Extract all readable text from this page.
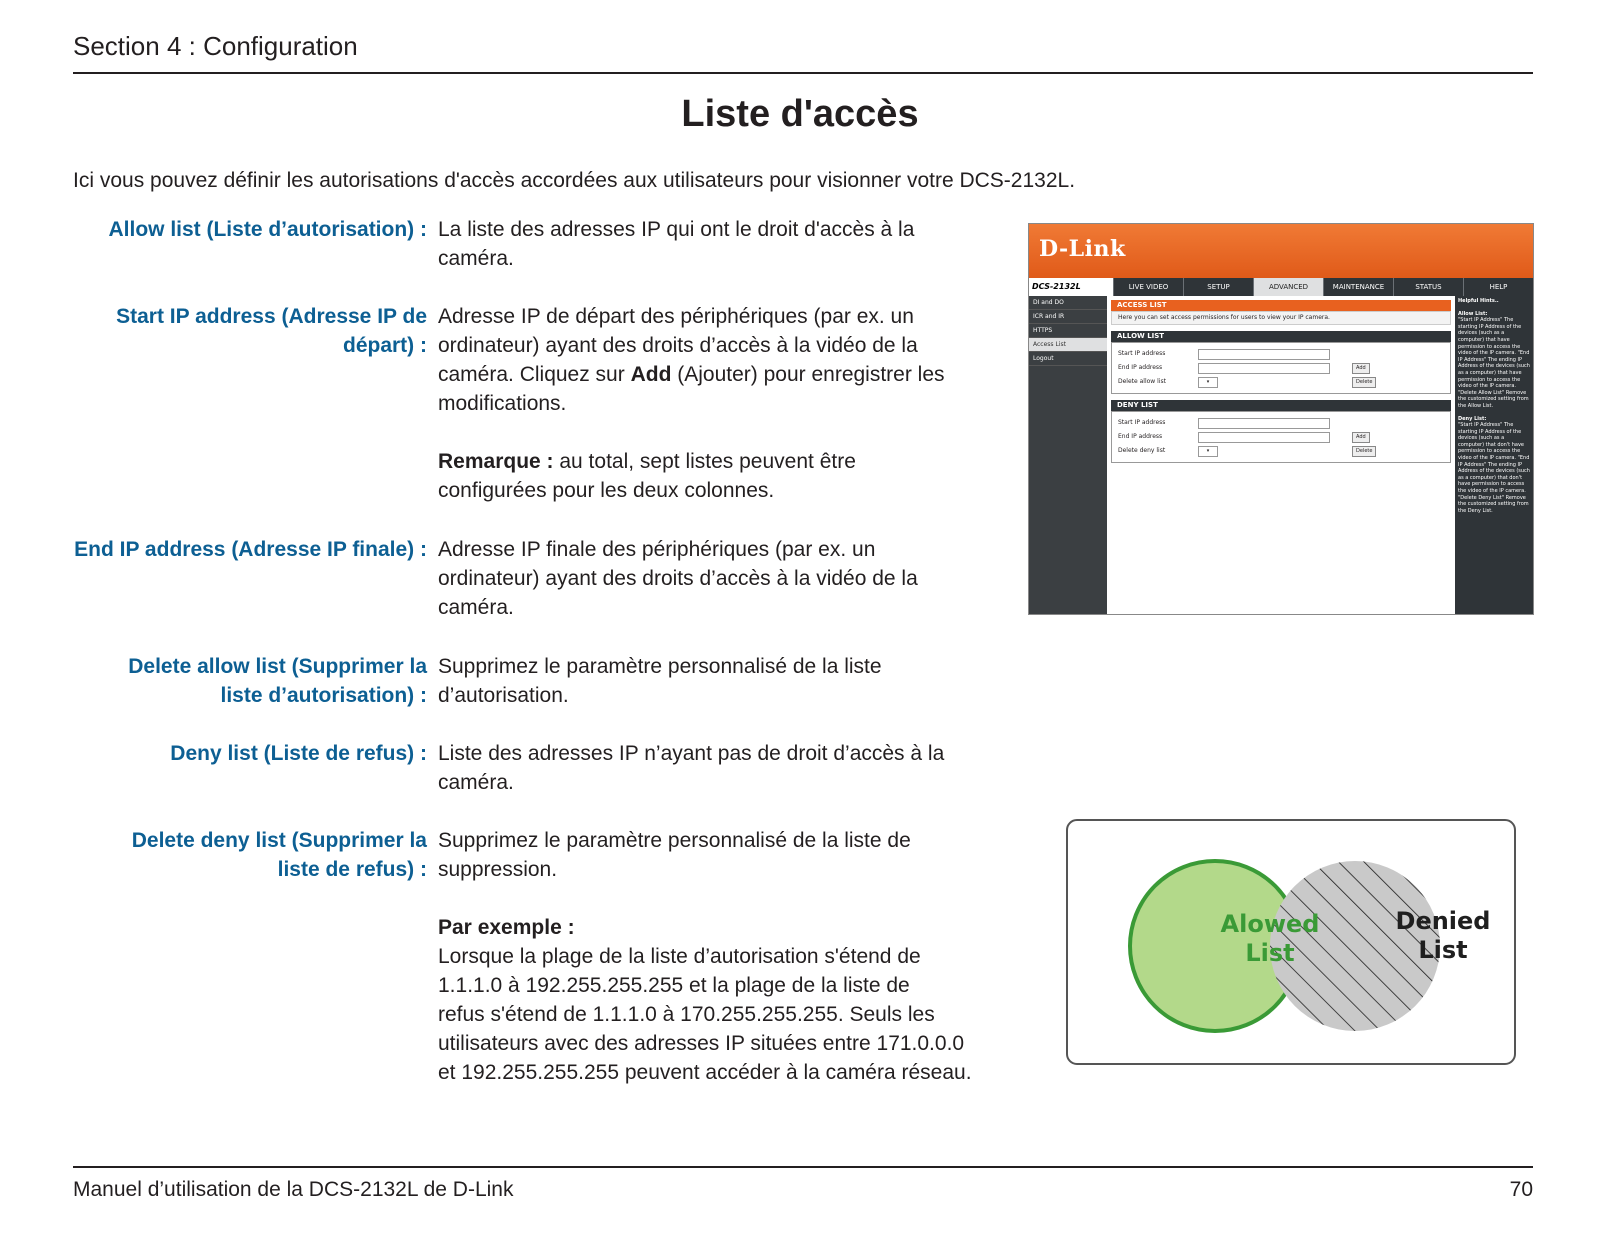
Section 4 : Configuration
Liste d'accès
Ici vous pouvez définir les autorisations d'accès accordées aux utilisateurs pour visionner votre DCS-2132L.
Allow list (Liste d’autorisation) : La liste des adresses IP qui ont le droit d'accès à la

caméra.

Start IP address (Adresse IP de
départ) :

Adresse IP de départ des périphériques (par ex. un

ordinateur) ayant des droits d’accès à la vidéo de la

caméra. Cliquez sur Add (Ajouter) pour enregistrer les

modifications.

Remarque : au total, sept listes peuvent être

configurées pour les deux colonnes.

End IP address (Adresse IP finale) : Adresse IP finale des périphériques (par ex. un

ordinateur) ayant des droits d’accès à la vidéo de la

caméra.

Delete allow list (Supprimer la
liste d’autorisation) :

Supprimez le paramètre personnalisé de la liste

d’autorisation.

Deny list (Liste de refus) : Liste des adresses IP n’ayant pas de droit d’accès à la

caméra.

Delete deny list (Supprimer la
liste de refus) :

Supprimez le paramètre personnalisé de la liste de

suppression.

Par exemple :

Lorsque la plage de la liste d’autorisation s'étend de

1.1.1.0 à 192.255.255.255 et la plage de la liste de

refus s'étend de 1.1.1.0 à 170.255.255.255. Seuls les

utilisateurs avec des adresses IP situées entre 171.0.0.0

et 192.255.255.255 peuvent accéder à la caméra réseau.

D-Link
DCS-2132L	LIVE VIDEO	SETUP	ADVANCED	MAINTENANCE	STATUS	HELP
DI and DO
ICR and IR
HTTPS
Access List
Logout
ACCESS LIST
Here you can set access permissions for users to view your IP camera.
ALLOW LIST
Start IP address
End IP address	Add
Delete allow list	▾	Delete
DENY LIST
Start IP address
End IP address	Add
Delete deny list	▾	Delete
Helpful Hints..
Allow List:
"Start IP Address" The starting IP Address of the devices (such as a computer) that have permission to access the video of the IP camera. "End IP Address" The ending IP Address of the devices (such as a computer) that have permission to access the video of the IP camera. "Delete Allow List" Remove the customized setting from the Allow List.
Deny List:
"Start IP Address" The starting IP Address of the devices (such as a computer) that don't have permission to access the video of the IP camera. "End IP Address" The ending IP Address of the devices (such as a computer) that don't have permission to access the video of the IP camera. "Delete Deny List" Remove the customized setting from the Deny List.
Alowed
List
Denied
List
Manuel d’utilisation de la DCS-2132L de D-Link	70
